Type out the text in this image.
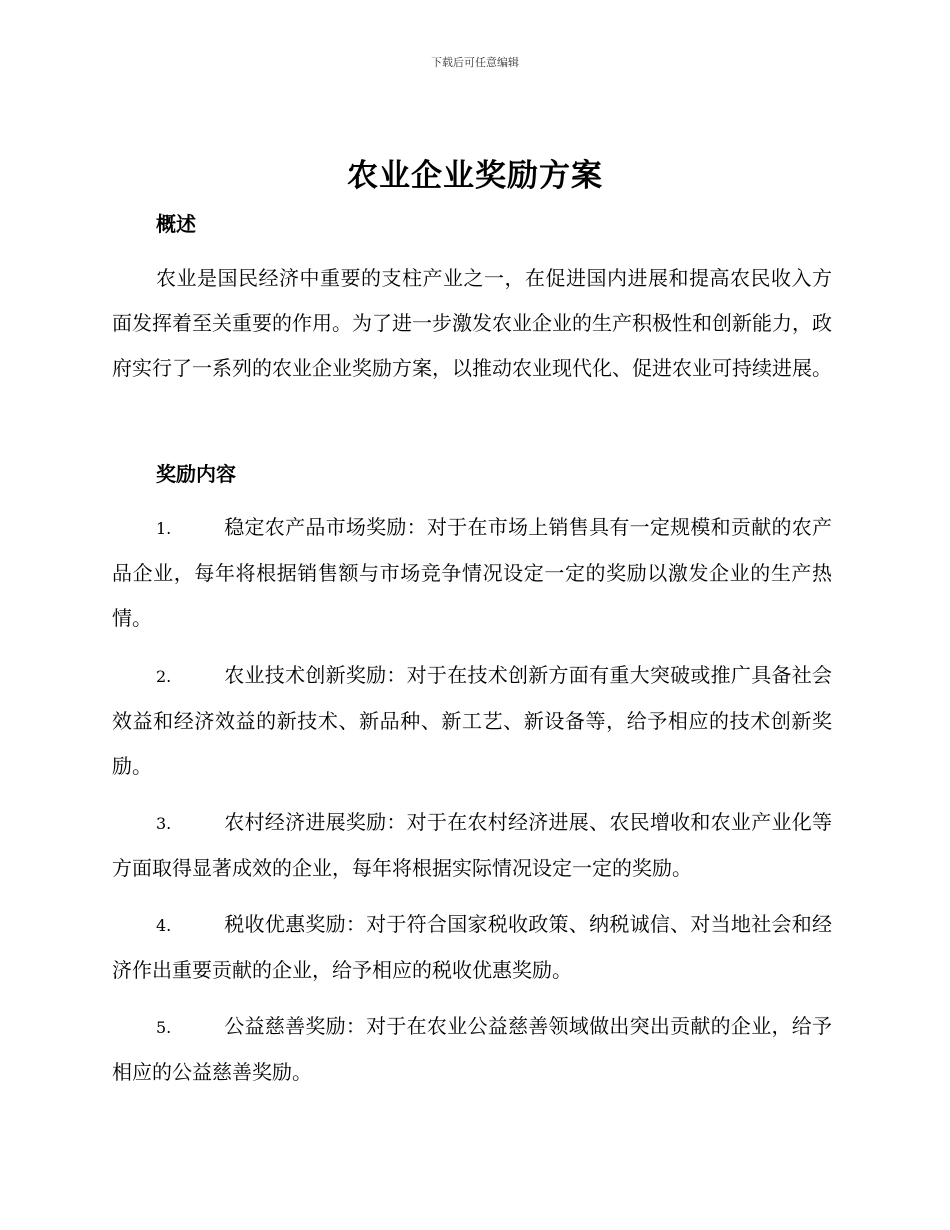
下载后可任意编辑
农业企业奖励方案
概述
农业是国民经济中重要的支柱产业之一，在促进国内进展和提高农民收入方面发挥着至关重要的作用。为了进一步激发农业企业的生产积极性和创新能力，政府实行了一系列的农业企业奖励方案，以推动农业现代化、促进农业可持续进展。
奖励内容
1.	稳定农产品市场奖励：对于在市场上销售具有一定规模和贡献的农产品企业，每年将根据销售额与市场竞争情况设定一定的奖励以激发企业的生产热情。
2.	农业技术创新奖励：对于在技术创新方面有重大突破或推广具备社会效益和经济效益的新技术、新品种、新工艺、新设备等，给予相应的技术创新奖励。
3.	农村经济进展奖励：对于在农村经济进展、农民增收和农业产业化等方面取得显著成效的企业，每年将根据实际情况设定一定的奖励。
4.	税收优惠奖励：对于符合国家税收政策、纳税诚信、对当地社会和经济作出重要贡献的企业，给予相应的税收优惠奖励。
5.	公益慈善奖励：对于在农业公益慈善领域做出突出贡献的企业，给予相应的公益慈善奖励。
